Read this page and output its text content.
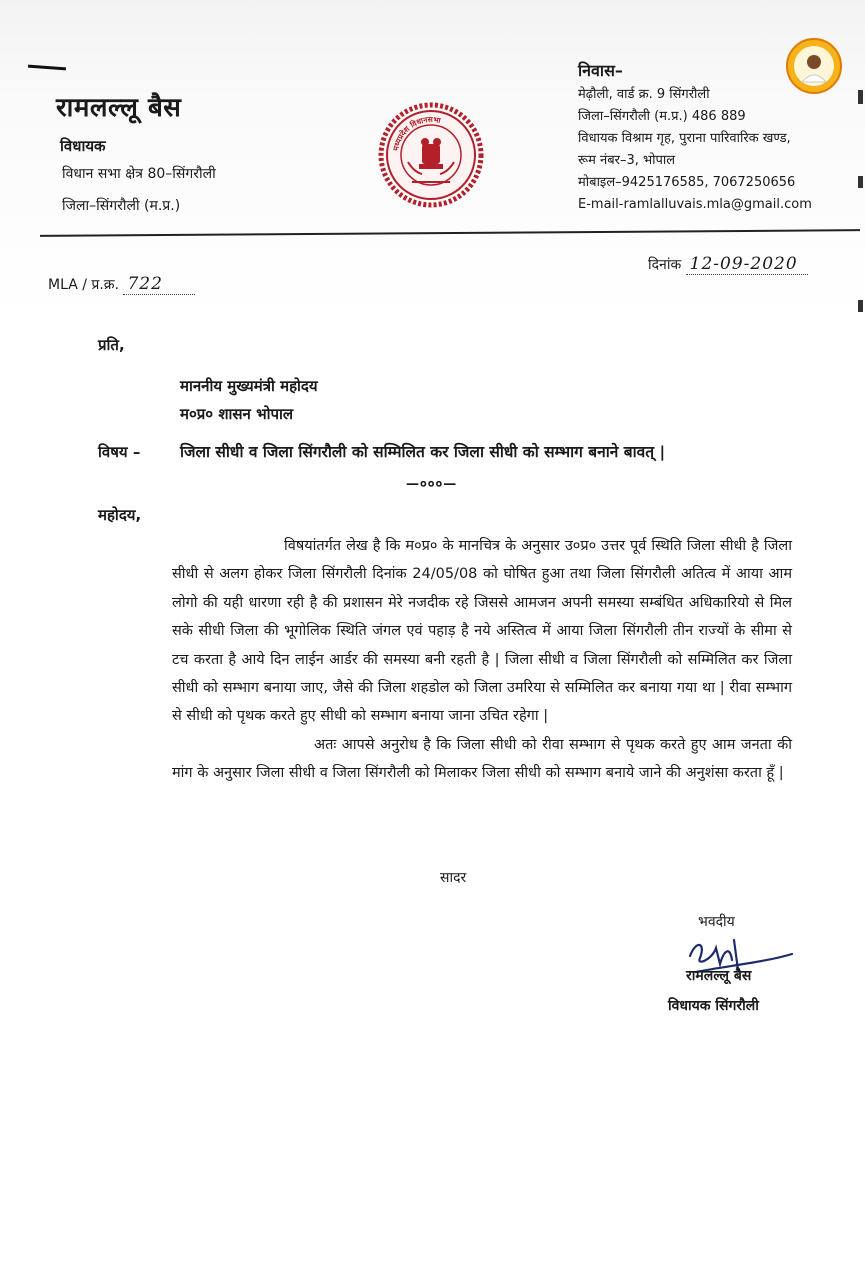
रामलल्लू बैस
विधायक
विधान सभा क्षेत्र 80–सिंगरौली
जिला–सिंगरौली (म.प्र.)
मध्यप्रदेश विधानसभा
निवास–
मेढ़ौली, वार्ड क्र. 9 सिंगरौली
जिला–सिंगरौली (म.प्र.) 486 889
विधायक विश्राम गृह, पुराना पारिवारिक खण्ड,
रूम नंबर–3, भोपाल
मोबाइल–9425176585, 7067250656
E-mail-ramlalluvais.mla@gmail.com
MLA / प्र.क्र. 722
दिनांक 12-09-2020
प्रति,
माननीय मुख्यमंत्री महोदय
म०प्र० शासन भोपाल
विषय –	जिला सीधी व जिला सिंगरौली को सम्मिलित कर जिला सीधी को सम्भाग बनाने बावत् |
—०००—
महोदय,

विषयांतर्गत लेख है कि म०प्र० के मानचित्र के अनुसार उ०प्र० उत्तर पूर्व स्थिति जिला सीधी है जिला सीधी से अलग होकर जिला सिंगरौली दिनांक 24/05/08 को घोषित हुआ तथा जिला सिंगरौली अतित्व में आया आम लोगो की यही धारणा रही है की प्रशासन मेरे नजदीक रहे जिससे आमजन अपनी समस्या सम्बंधित अधिकारियो से मिल सके सीधी जिला की भूगोलिक स्थिति जंगल एवं पहाड़ है नये अस्तित्व में आया जिला सिंगरौली तीन राज्यों के सीमा से टच करता है आये दिन लाईन आर्डर की समस्या बनी रहती है | जिला सीधी व जिला सिंगरौली को सम्मिलित कर जिला सीधी को सम्भाग बनाया जाए, जैसे की जिला शहडोल को जिला उमरिया से सम्मिलित कर बनाया गया था | रीवा सम्भाग से सीधी को पृथक करते हुए सीधी को सम्भाग बनाया जाना उचित रहेगा |

अतः आपसे अनुरोध है कि जिला सीधी को रीवा सम्भाग से पृथक करते हुए आम जनता की मांग के अनुसार जिला सीधी व जिला सिंगरौली को मिलाकर जिला सीधी को सम्भाग बनाये जाने की अनुशंसा करता हूँ |

सादर
भवदीय
रामलल्लू बैस
विधायक सिंगरौली
